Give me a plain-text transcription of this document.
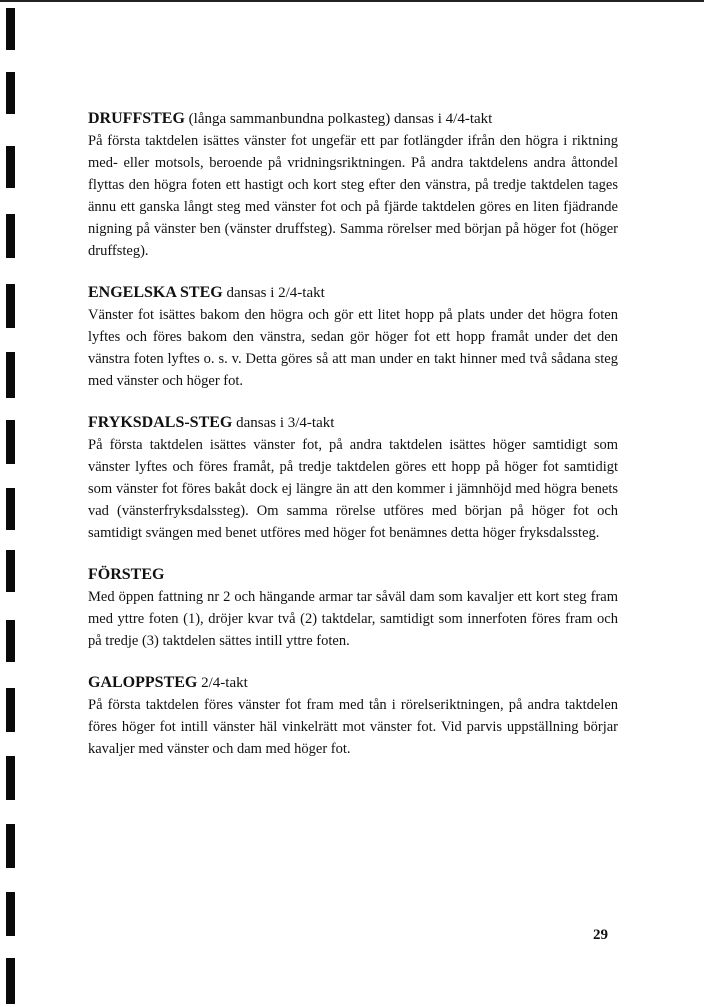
DRUFFSTEG (långa sammanbundna polkasteg) dansas i 4/4-takt

På första taktdelen isättes vänster fot ungefär ett par fotlängder ifrån den högra i riktning med- eller motsols, beroende på vridningsriktningen. På andra taktdelens andra åttondel flyttas den högra foten ett hastigt och kort steg efter den vänstra, på tredje taktdelen tages ännu ett ganska långt steg med vänster fot och på fjärde taktdelen göres en liten fjädrande nigning på vänster ben (vänster druffsteg). Samma rörelser med början på höger fot (höger druffsteg).

ENGELSKA STEG dansas i 2/4-takt

Vänster fot isättes bakom den högra och gör ett litet hopp på plats under det högra foten lyftes och föres bakom den vänstra, sedan gör höger fot ett hopp framåt under det den vänstra foten lyftes o. s. v. Detta göres så att man under en takt hinner med två sådana steg med vänster och höger fot.

FRYKSDALS-STEG dansas i 3/4-takt

På första taktdelen isättes vänster fot, på andra taktdelen isättes höger samtidigt som vänster lyftes och föres framåt, på tredje taktdelen göres ett hopp på höger fot samtidigt som vänster fot föres bakåt dock ej längre än att den kommer i jämnhöjd med högra benets vad (vänsterfryksdalssteg). Om samma rörelse utföres med början på höger fot och samtidigt svängen med benet utföres med höger fot benämnes detta höger fryksdalssteg.

FÖRSTEG

Med öppen fattning nr 2 och hängande armar tar såväl dam som kavaljer ett kort steg fram med yttre foten (1), dröjer kvar två (2) taktdelar, samtidigt som innerfoten föres fram och på tredje (3) taktdelen sättes intill yttre foten.

GALOPPSTEG 2/4-takt

På första taktdelen föres vänster fot fram med tån i rörelseriktningen, på andra taktdelen föres höger fot intill vänster häl vinkelrätt mot vänster fot. Vid parvis uppställning börjar kavaljer med vänster och dam med höger fot.

29
